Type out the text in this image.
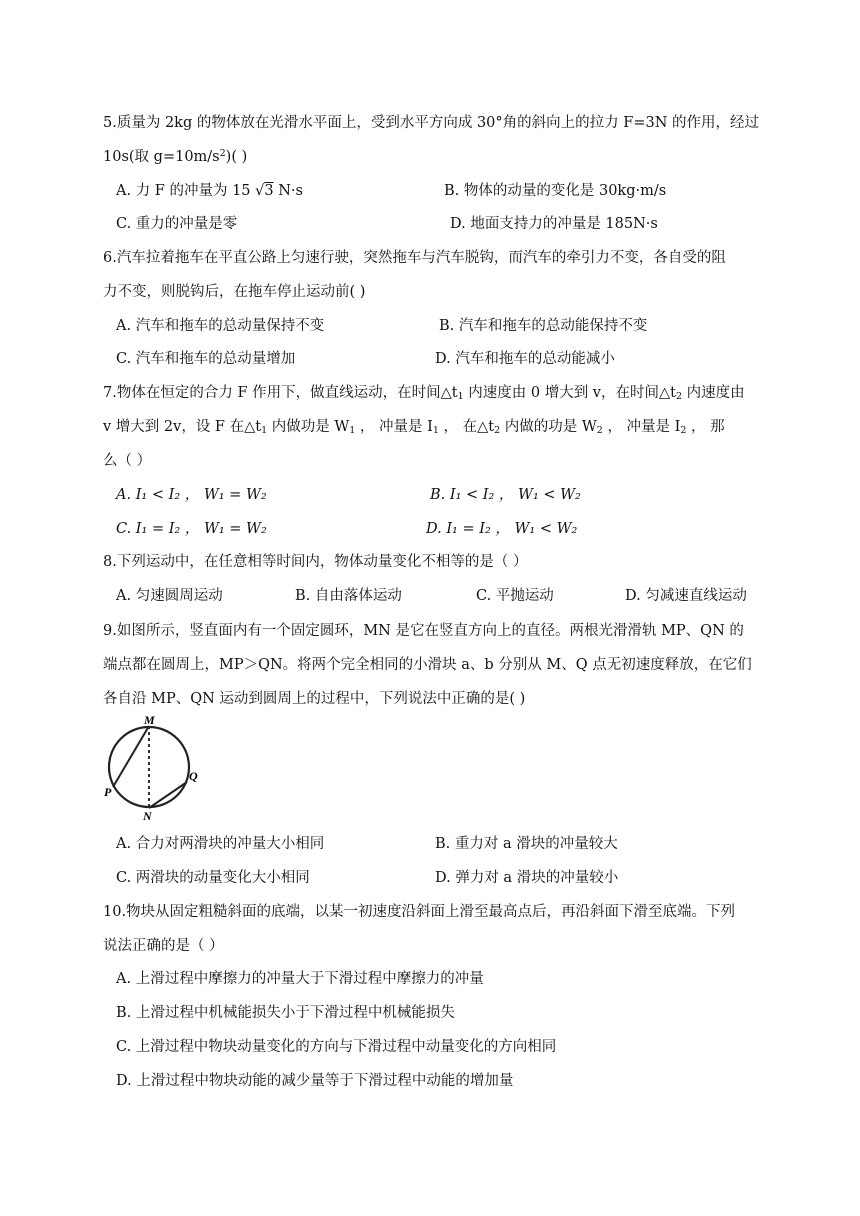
5.质量为 2kg 的物体放在光滑水平面上，受到水平方向成 30°角的斜向上的拉力 F=3N 的作用，经过
10s(取 $g=10m/s^2$)( )
A. 力 F 的冲量为 15 √3 N·s	B. 物体的动量的变化是 30kg·m/s
C. 重力的冲量是零	D. 地面支持力的冲量是 185N·s
6.汽车拉着拖车在平直公路上匀速行驶，突然拖车与汽车脱钩，而汽车的牵引力不变，各自受的阻
力不变，则脱钩后，在拖车停止运动前( )
A. 汽车和拖车的总动量保持不变	B. 汽车和拖车的总动能保持不变
C. 汽车和拖车的总动量增加	D. 汽车和拖车的总动能减小
7.物体在恒定的合力 F 作用下，做直线运动，在时间$\triangle t_1$ 内速度由 0 增大到 v，在时间$\triangle t_2$ 内速度由
v 增大到 2v，设 F 在$\triangle t_1$ 内做功是 $W_1$ ， 冲量是 $I_1$ ， 在$\triangle t_2$ 内做的功是 $W_2$ ， 冲量是 $I_2$ ， 那
么（ ）
A. I₁ < I₂ ， W₁ = W₂	B. I₁ < I₂ ， W₁ < W₂
C. I₁ = I₂ ， W₁ = W₂	D. I₁ = I₂ ， W₁ < W₂
8.下列运动中，在任意相等时间内，物体动量变化不相等的是（ ）
A. 匀速圆周运动	B. 自由落体运动	C. 平抛运动	D. 匀减速直线运动
9.如图所示，竖直面内有一个固定圆环，MN 是它在竖直方向上的直径。两根光滑滑轨 MP、QN 的
端点都在圆周上，MP＞QN。将两个完全相同的小滑块 a、b 分别从 M、Q 点无初速度释放，在它们
各自沿 MP、QN 运动到圆周上的过程中，下列说法中正确的是( )
M
N
P
Q
A. 合力对两滑块的冲量大小相同	B. 重力对 a 滑块的冲量较大
C. 两滑块的动量变化大小相同	D. 弹力对 a 滑块的冲量较小
10.物块从固定粗糙斜面的底端，以某一初速度沿斜面上滑至最高点后，再沿斜面下滑至底端。下列
说法正确的是（ ）
A. 上滑过程中摩擦力的冲量大于下滑过程中摩擦力的冲量
B. 上滑过程中机械能损失小于下滑过程中机械能损失
C. 上滑过程中物块动量变化的方向与下滑过程中动量变化的方向相同
D. 上滑过程中物块动能的减少量等于下滑过程中动能的增加量
